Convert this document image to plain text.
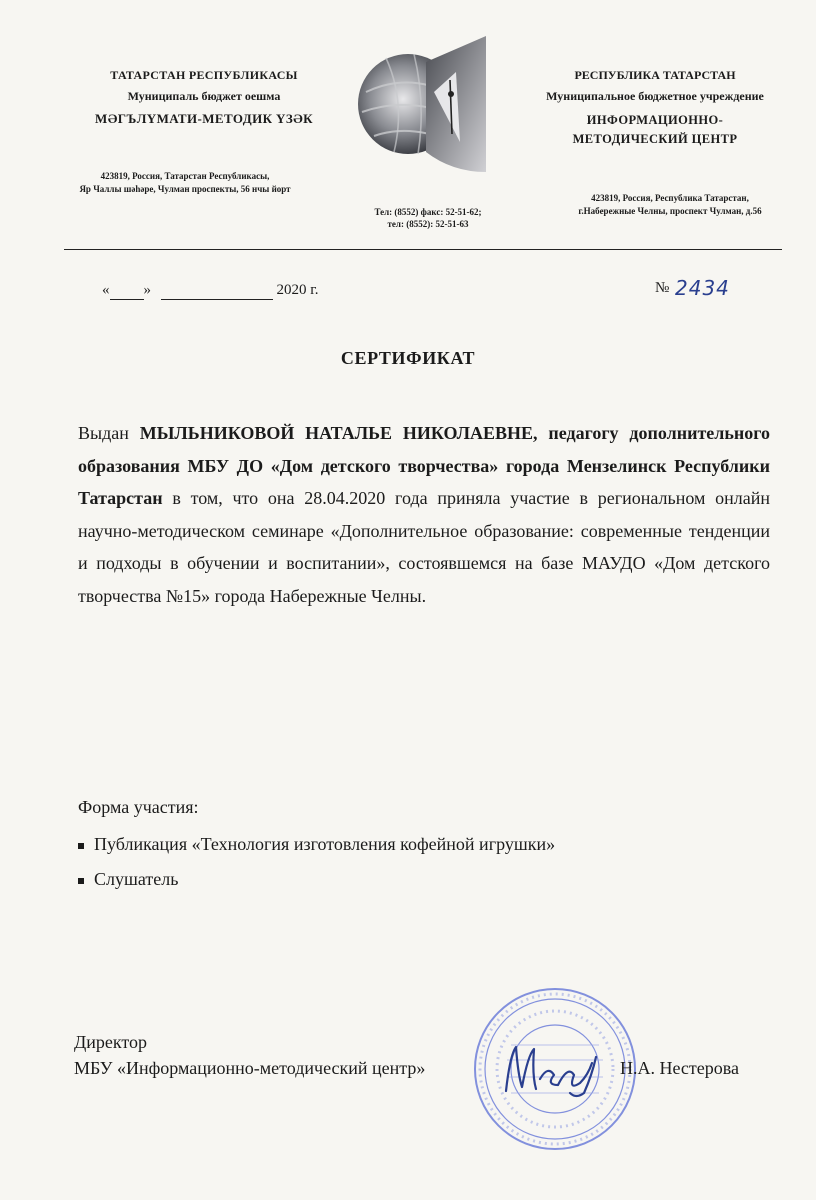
ТАТАРСТАН РЕСПУБЛИКАСЫ
Муниципаль бюджет оешма
МӘГЪЛҮМАТИ-МЕТОДИК ҮЗӘК
423819, Россия, Татарстан Республикасы,
Яр Чаллы шәһәре, Чулман проспекты, 56 нчы йорт
Тел: (8552) факс: 52-51-62;
тел: (8552): 52-51-63
РЕСПУБЛИКА ТАТАРСТАН
Муниципальное бюджетное учреждение
ИНФОРМАЦИОННО-
МЕТОДИЧЕСКИЙ ЦЕНТР
423819, Россия, Республика Татарстан,
г.Набережные Челны, проспект Чулман, д.56
« »	2020 г.	№ 2434
СЕРТИФИКАТ
Выдан МЫЛЬНИКОВОЙ НАТАЛЬЕ НИКОЛАЕВНЕ, педагогу дополнительного образования МБУ ДО «Дом детского творчества» города Мензелинск Республики Татарстан в том, что она 28.04.2020 года приняла участие в региональном онлайн научно-методическом семинаре «Дополнительное образование: современные тенденции и подходы в обучении и воспитании», состоявшемся на базе МАУДО «Дом детского творчества №15» города Набережные Челны.
Форма участия:
Публикация «Технология изготовления кофейной игрушки»
Слушатель
Директор
МБУ «Информационно-методический центр»	Н.А. Нестерова
